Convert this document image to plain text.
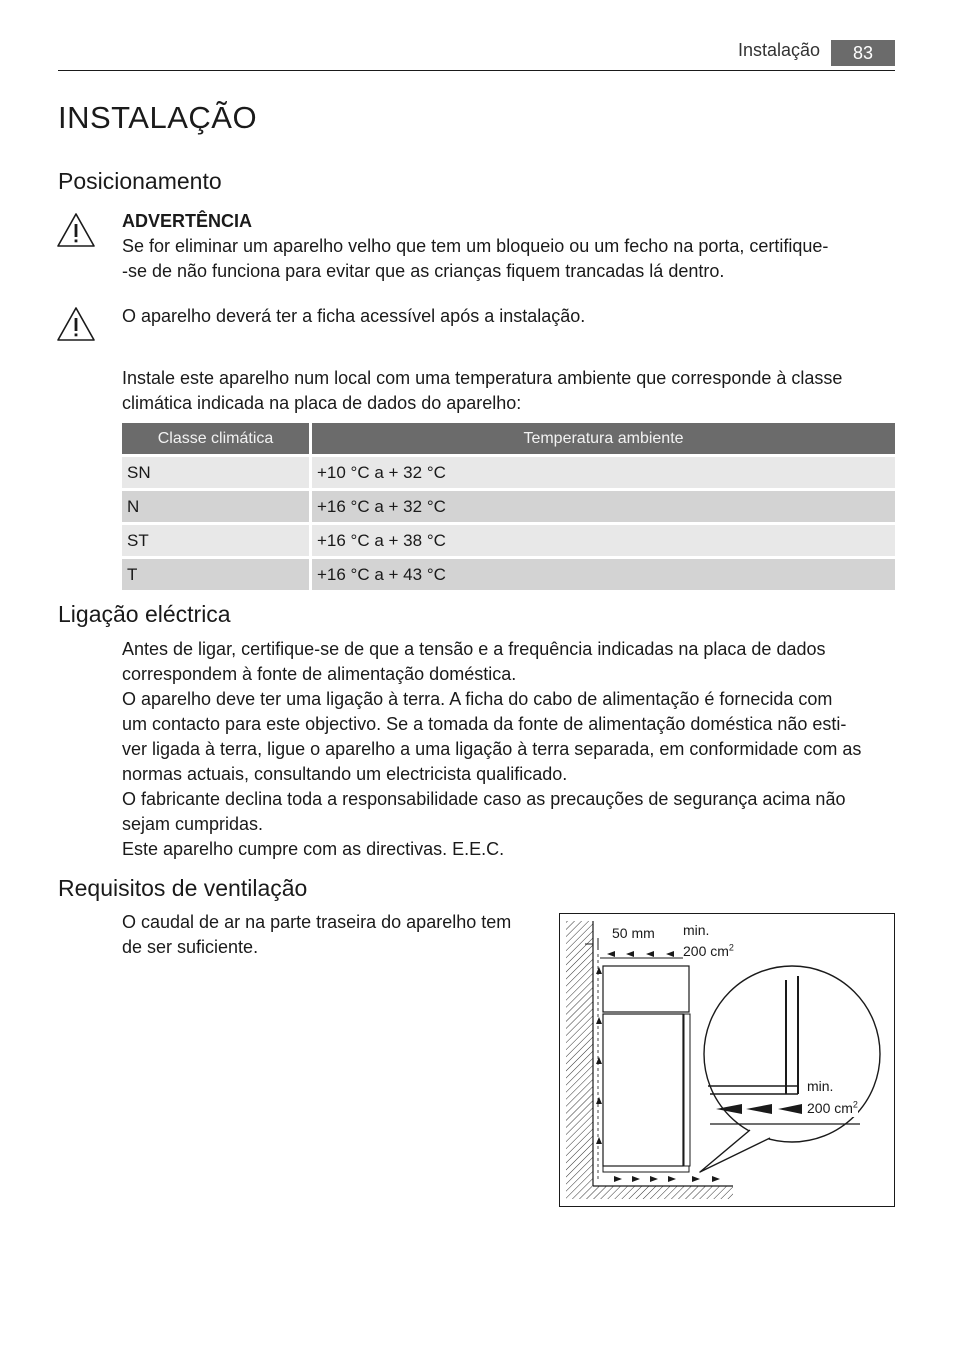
Instalação	83
INSTALAÇÃO
Posicionamento
ADVERTÊNCIA
Se for eliminar um aparelho velho que tem um bloqueio ou um fecho na porta, certifique-
-se de não funciona para evitar que as crianças fiquem trancadas lá dentro.
O aparelho deverá ter a ficha acessível após a instalação.
Instale este aparelho num local com uma temperatura ambiente que corresponde à classe
climática indicada na placa de dados do aparelho:
Classe climática	Temperatura ambiente
SN	+10 °C a + 32 °C
N	+16 °C a + 32 °C
ST	+16 °C a + 38 °C
T	+16 °C a + 43 °C
Ligação eléctrica
Antes de ligar, certifique-se de que a tensão e a frequência indicadas na placa de dados
correspondem à fonte de alimentação doméstica.
O aparelho deve ter uma ligação à terra. A ficha do cabo de alimentação é fornecida com
um contacto para este objectivo. Se a tomada da fonte de alimentação doméstica não esti-
ver ligada à terra, ligue o aparelho a uma ligação à terra separada, em conformidade com as
normas actuais, consultando um electricista qualificado.
O fabricante declina toda a responsabilidade caso as precauções de segurança acima não
sejam cumpridas.
Este aparelho cumpre com as directivas. E.E.C.
Requisitos de ventilação
O caudal de ar na parte traseira do aparelho tem
de ser suficiente.
50 mm min.
200 $cm^2$
min.
200 $cm^2$
